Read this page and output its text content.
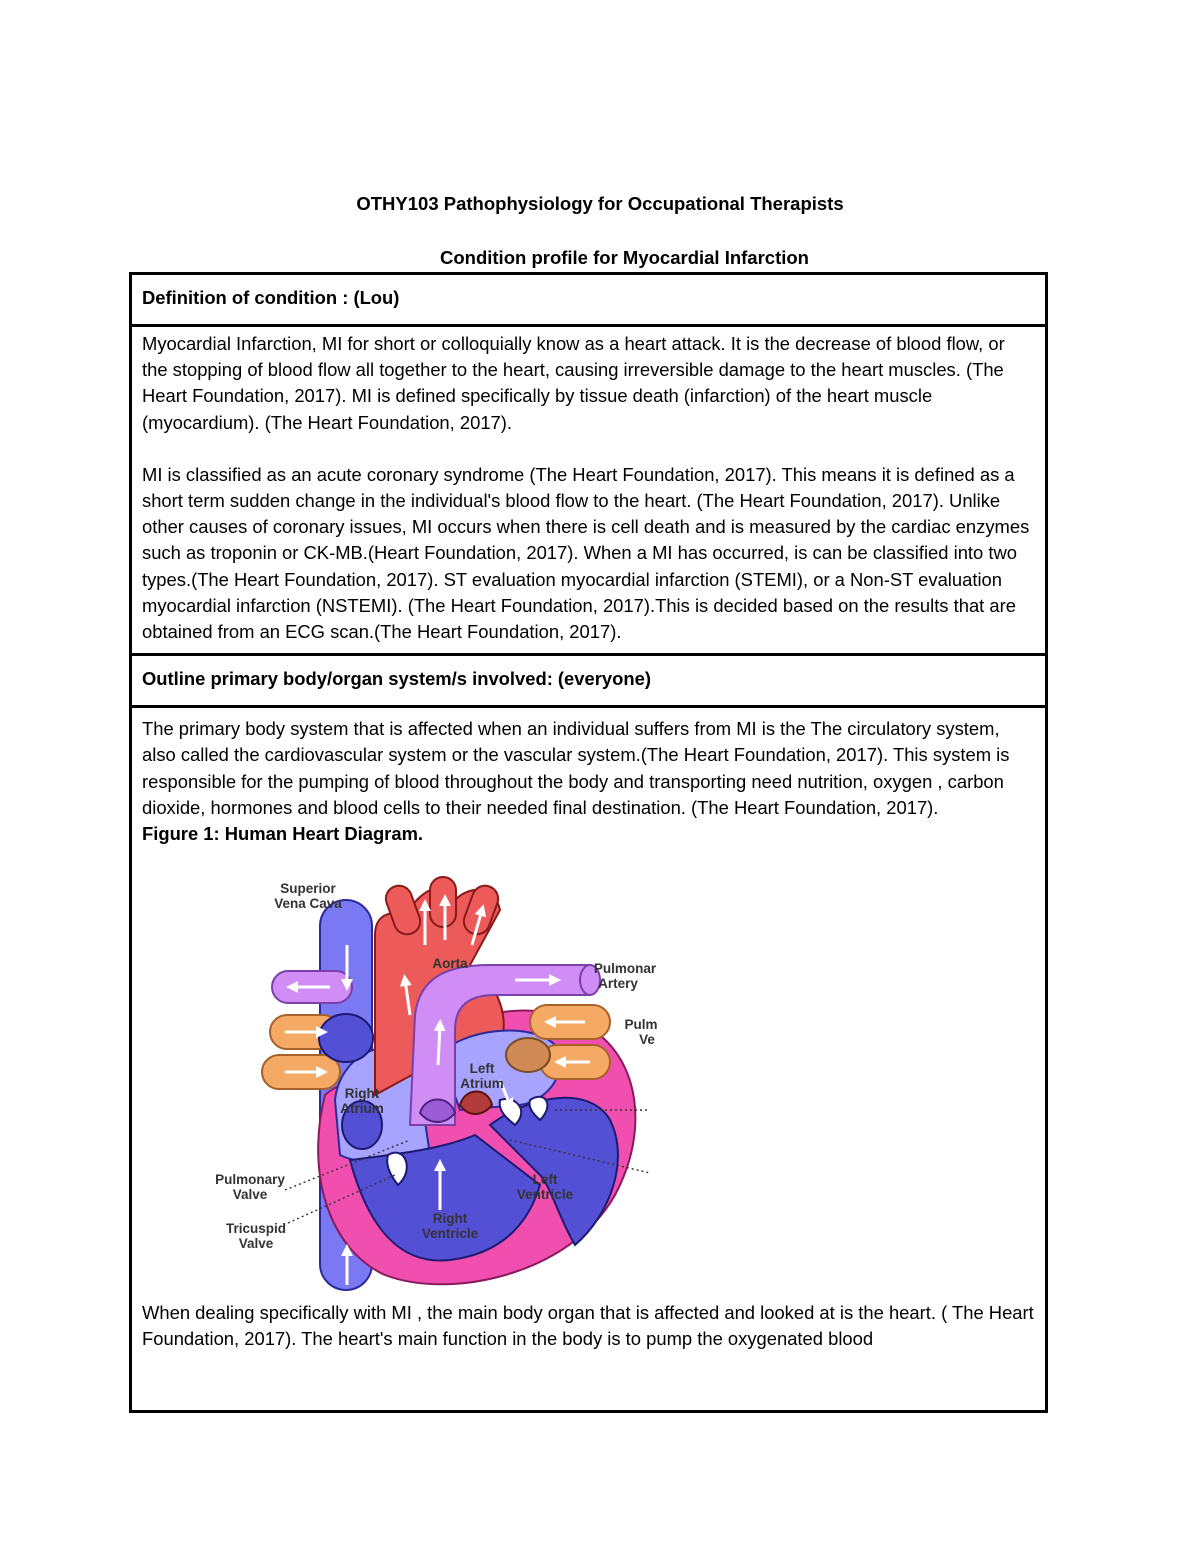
OTHY103 Pathophysiology for Occupational Therapists
Condition profile for Myocardial Infarction
Definition of condition : (Lou)

Myocardial Infarction, MI for short or colloquially know as a heart attack. It is the decrease of blood flow, or the stopping of blood flow all together to the heart, causing irreversible damage to the heart muscles. (The Heart Foundation, 2017). MI is defined specifically by tissue death (infarction) of the heart muscle (myocardium). (The Heart Foundation, 2017).

MI is classified as an acute coronary syndrome (The Heart Foundation, 2017). This means it is defined as a short term sudden change in the individual's blood flow to the heart. (The Heart Foundation, 2017). Unlike other causes of coronary issues, MI occurs when there is cell death and is measured by the cardiac enzymes such as troponin or CK-MB.(Heart Foundation, 2017). When a MI has occurred, is can be classified into two types.(The Heart Foundation, 2017). ST evaluation myocardial infarction (STEMI), or a Non-ST evaluation myocardial infarction (NSTEMI). (The Heart Foundation, 2017).This is decided based on the results that are obtained from an ECG scan.(The Heart Foundation, 2017).

Outline primary body/organ system/s involved: (everyone)

The primary body system that is affected when an individual suffers from MI is the The circulatory system, also called the cardiovascular system or the vascular system.(The Heart Foundation, 2017). This system is responsible for the pumping of blood throughout the body and transporting need nutrition, oxygen , carbon dioxide, hormones and blood cells to their needed final destination. (The Heart Foundation, 2017).

Figure 1: Human Heart Diagram.

Superior
Vena Cava
Aorta	Pulmonar
Artery
Pulm
Ve
Left
Atrium
Right
Atrium
Pulmonary
Valve
Tricuspid
Valve
Left
Ventricle
Right
Ventricle

When dealing specifically with MI , the main body organ that is affected and looked at is the heart. ( The Heart Foundation, 2017). The heart's main function in the body is to pump the oxygenated blood
